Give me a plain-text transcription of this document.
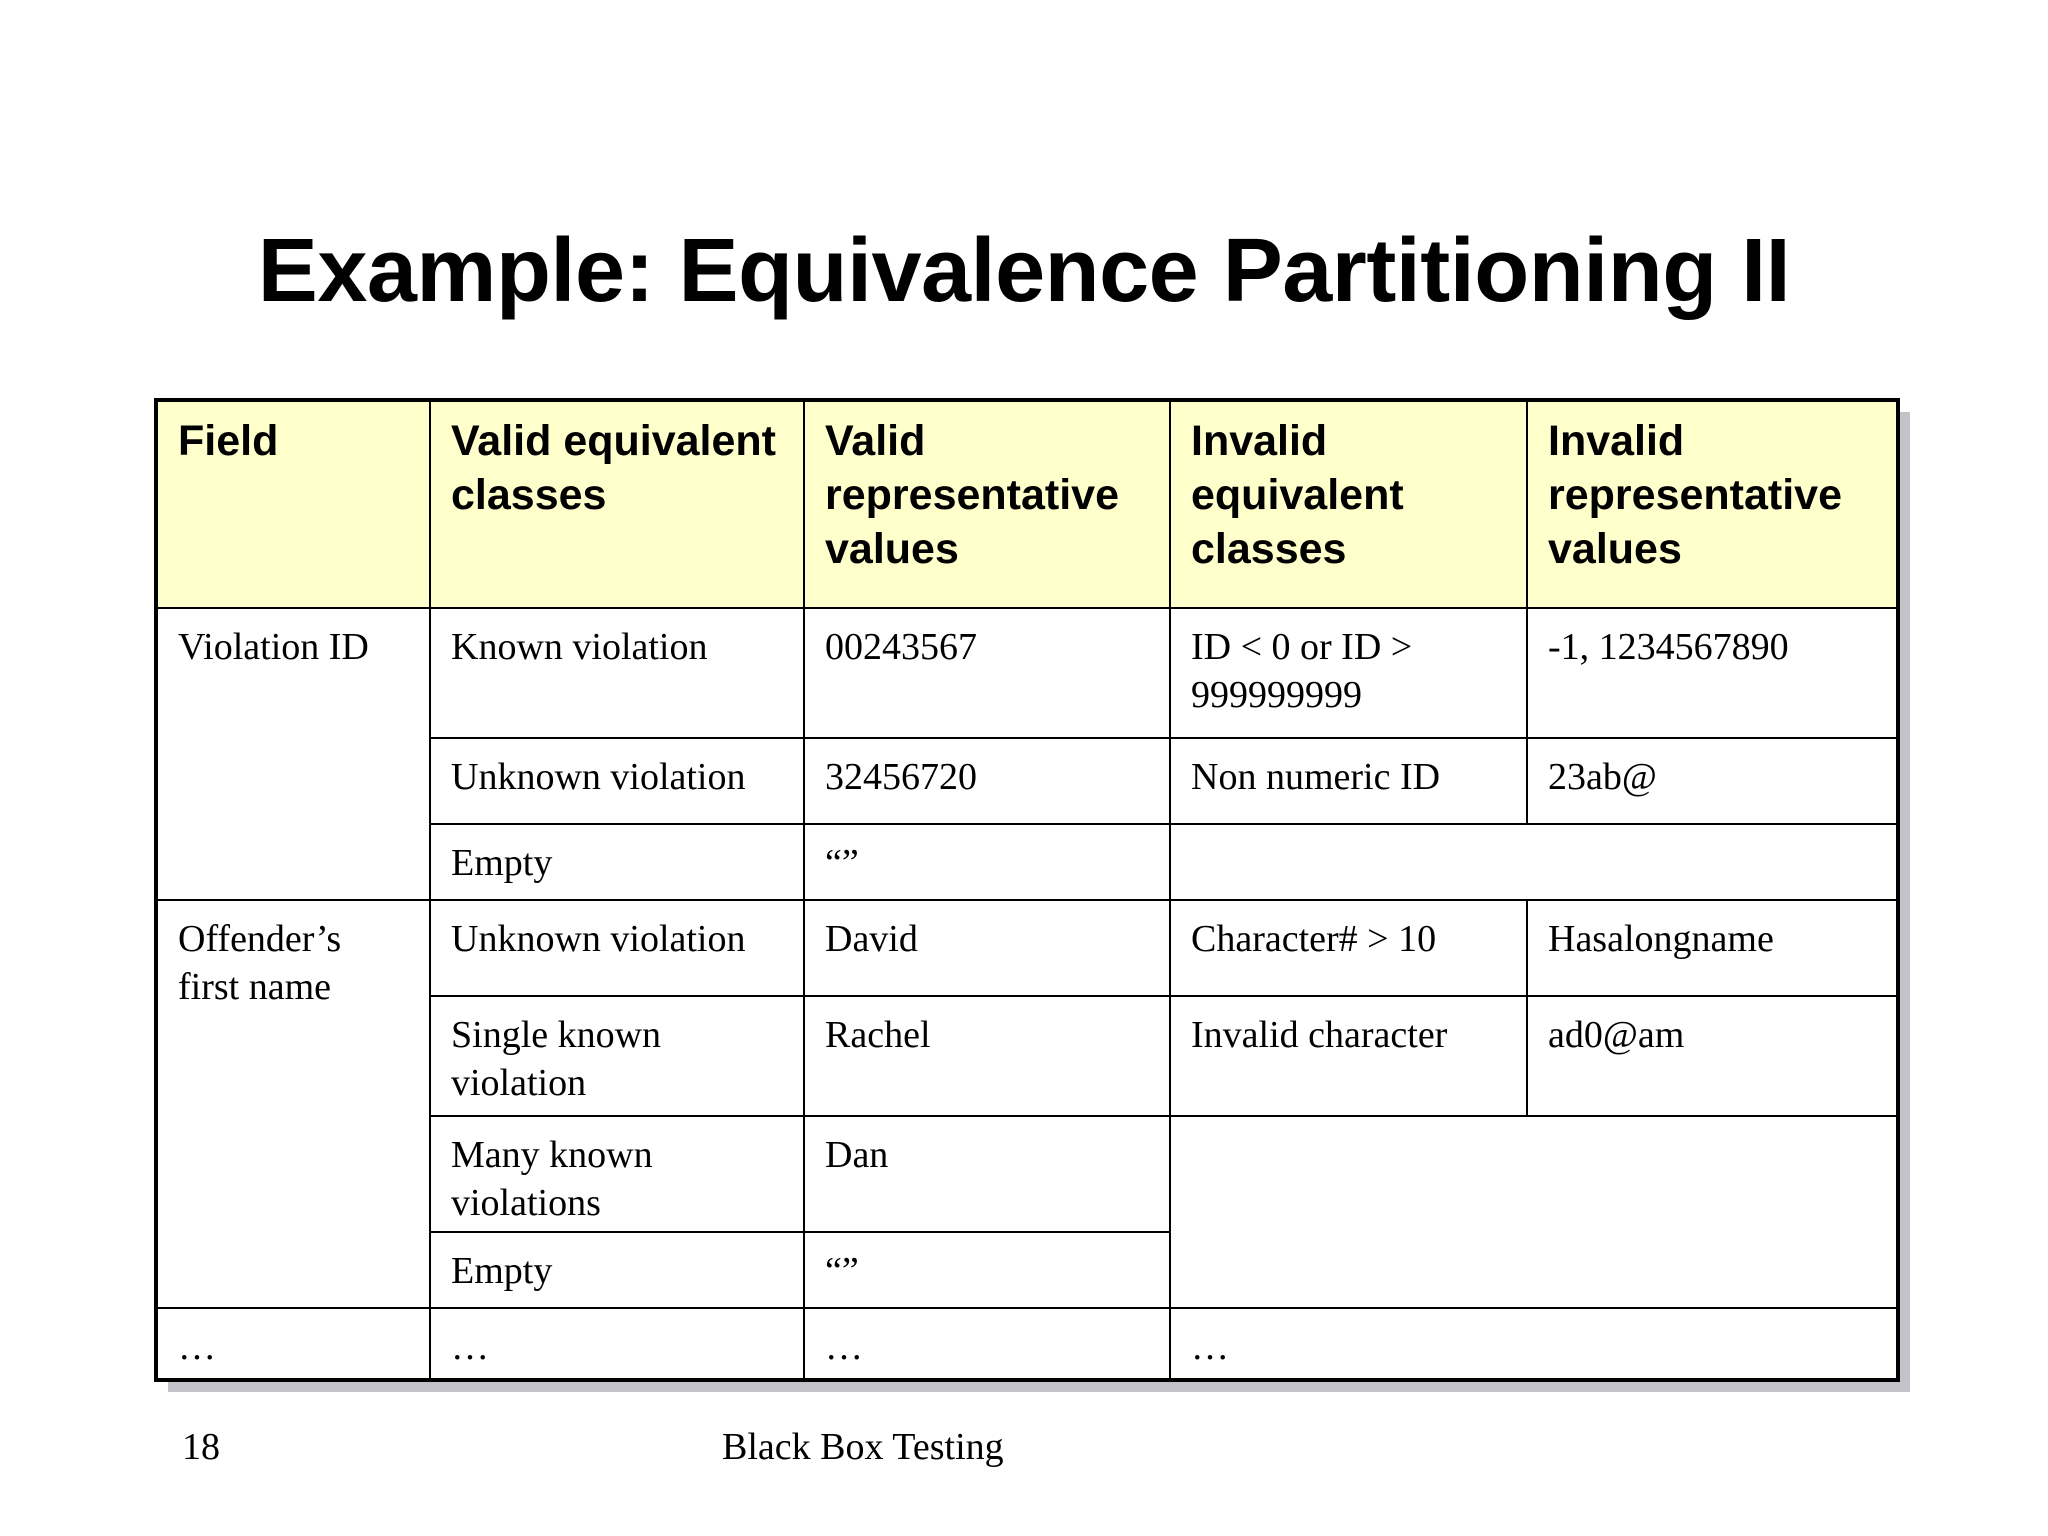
Example: Equivalence Partitioning II
Field	Valid equivalent classes	Valid representative values	Invalid equivalent classes	Invalid representative values
Violation ID	Known violation	00243567	ID < 0 or ID > 999999999	-1, 1234567890
	Unknown violation	32456720	Non numeric ID	23ab@
	Empty	“”		
Offender’s first name	Unknown violation	David	Character# > 10	Hasalongname
	Single known violation	Rachel	Invalid character	ad0@am
	Many known violations	Dan		
	Empty	“”		
…	…	…	…	
18	Black Box Testing
